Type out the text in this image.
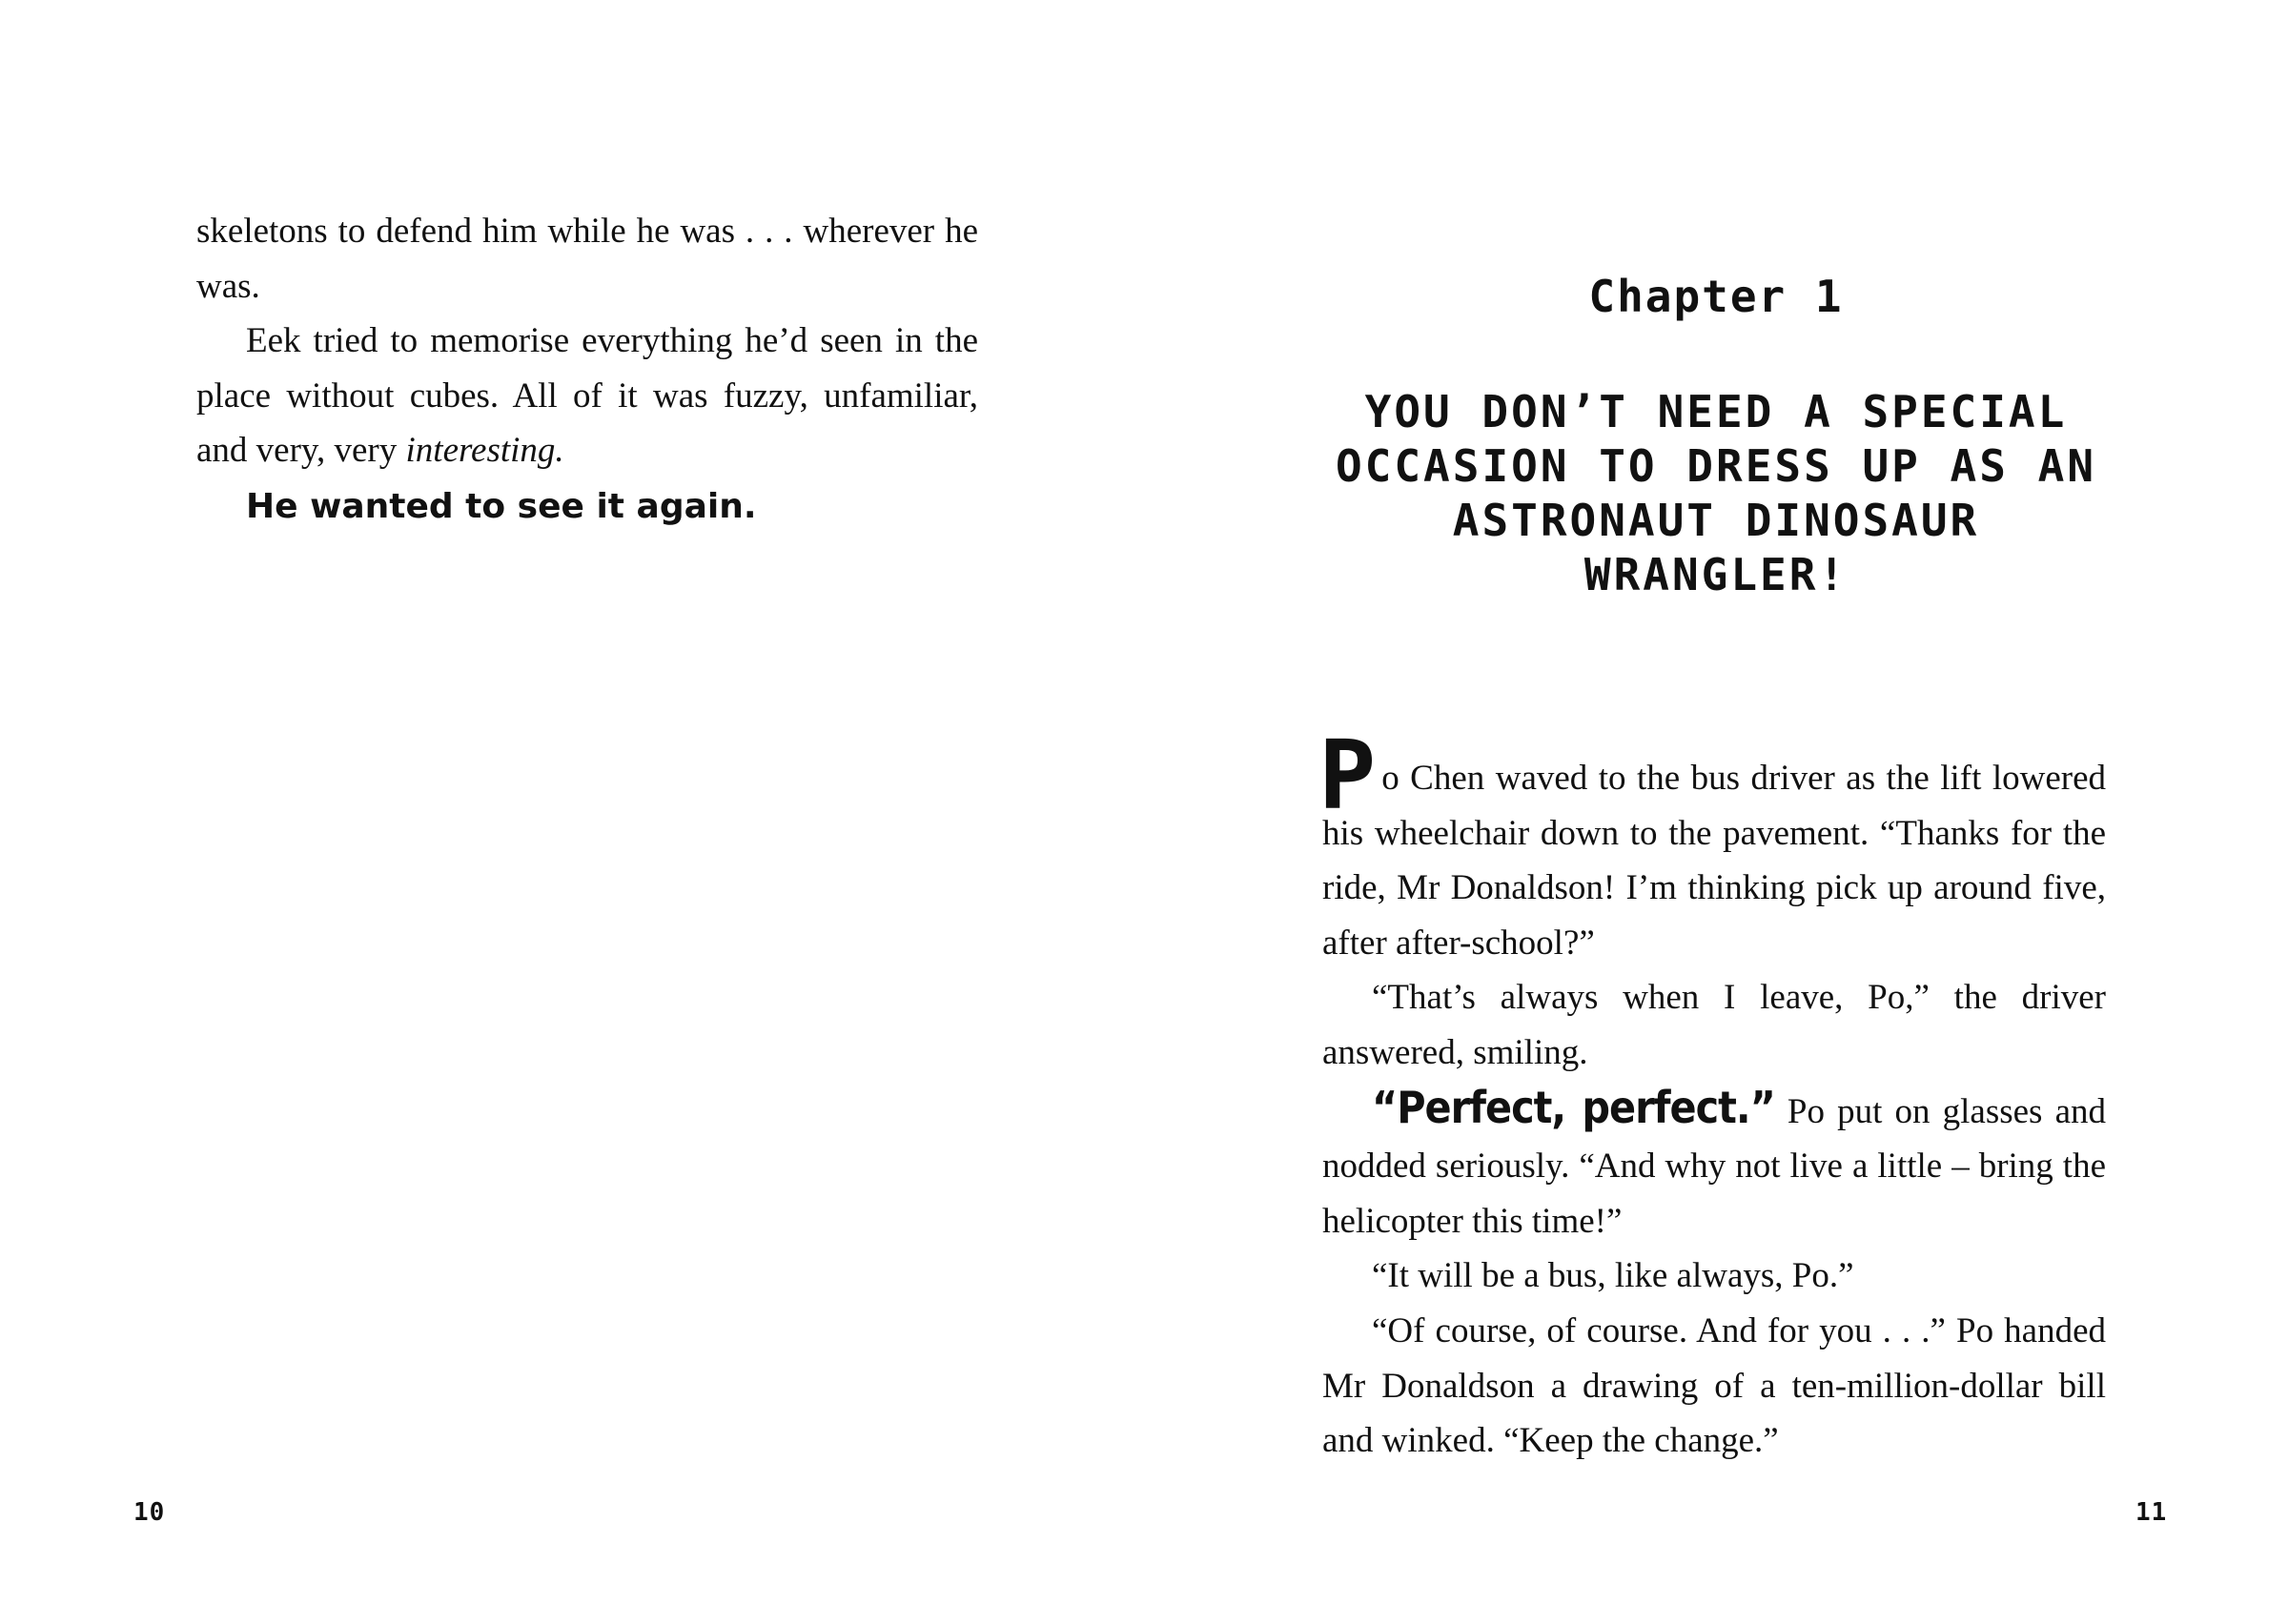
skeletons to defend him while he was . . . wherever he was.

Eek tried to memorise everything he’d seen in the place without cubes. All of it was fuzzy, unfamiliar, and very, very interesting.

He wanted to see it again.

10
Chapter 1
YOU DON’T NEED A SPECIAL OCCASION TO DRESS UP AS AN ASTRONAUT DINOSAUR WRANGLER!

Po Chen waved to the bus driver as the lift lowered his wheelchair down to the pavement. “Thanks for the ride, Mr Donaldson! I’m thinking pick up around five, after after-school?”

“That’s always when I leave, Po,” the driver answered, smiling.

“Perfect, perfect.” Po put on glasses and nodded seriously. “And why not live a little – bring the helicopter this time!”

“It will be a bus, like always, Po.”

“Of course, of course. And for you . . .” Po handed Mr Donaldson a drawing of a ten-million-dollar bill and winked. “Keep the change.”

11
